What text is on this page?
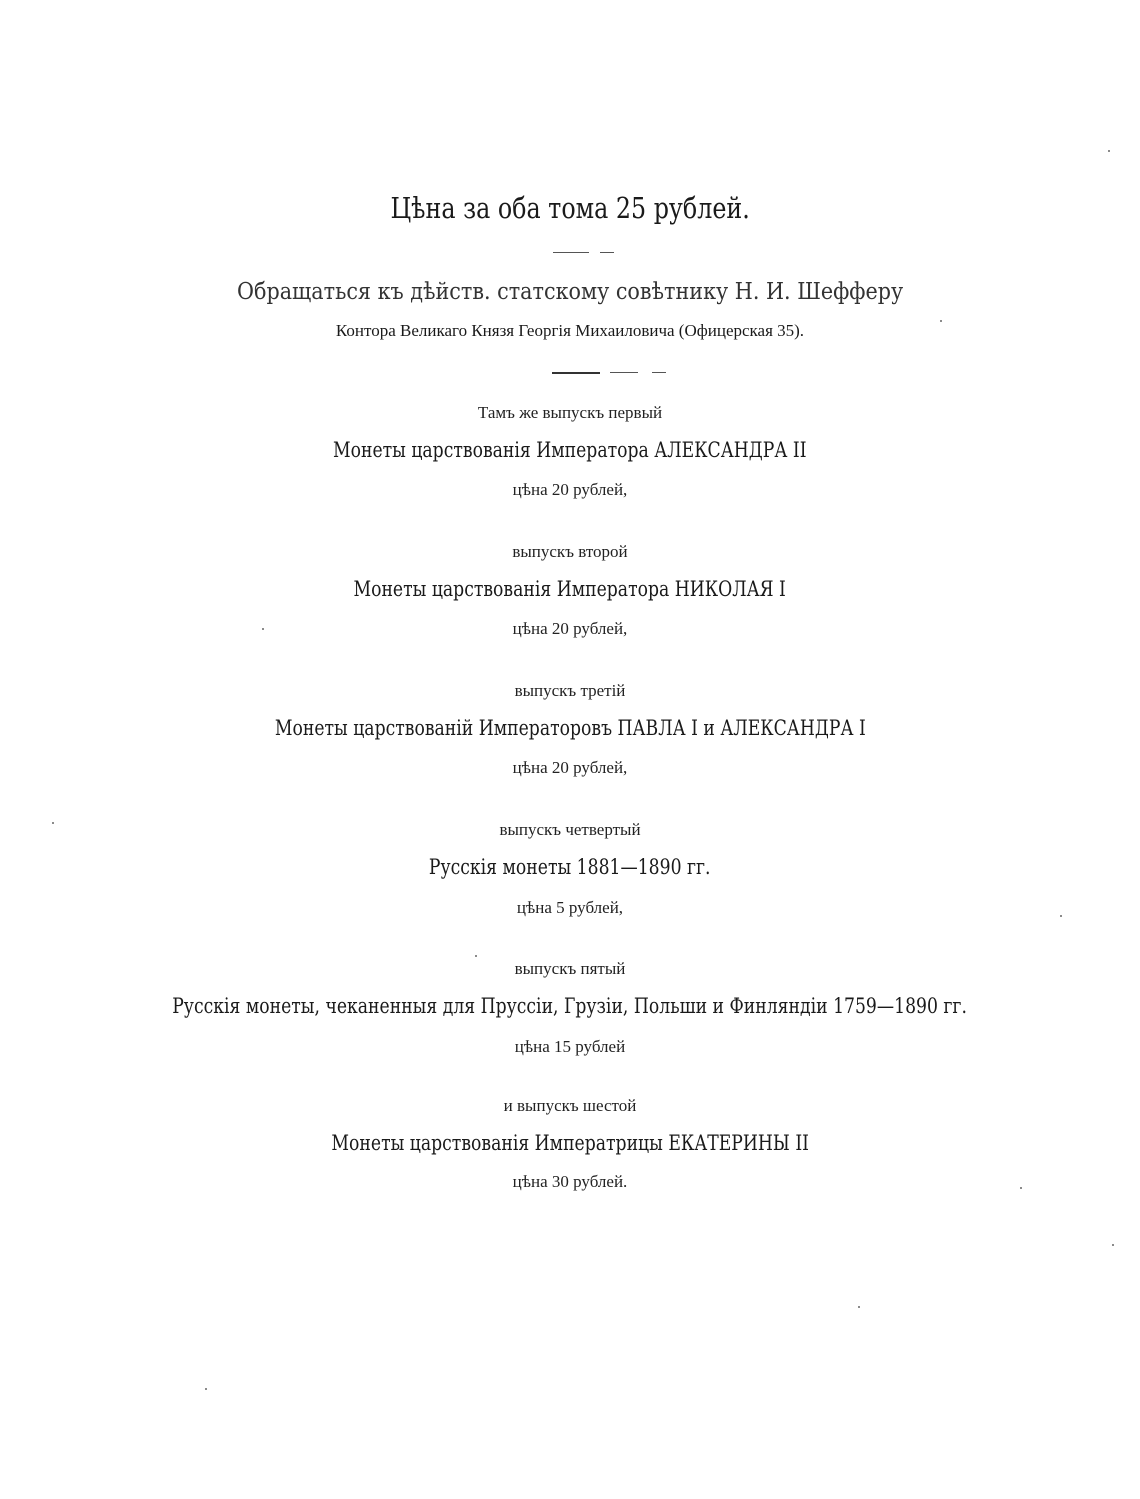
Цѣна за оба тома 25 рублей.
Обращаться къ дѣйств. статскому совѣтнику Н. И. Шефферу
Контора Великаго Князя Георгія Михаиловича (Офицерская 35).
Тамъ же выпускъ первый
Монеты царствованія Императора АЛЕКСАНДРА II
цѣна 20 рублей,
выпускъ второй
Монеты царствованія Императора НИКОЛАЯ I
цѣна 20 рублей,
выпускъ третій
Монеты царствованій Императоровъ ПАВЛА I и АЛЕКСАНДРА I
цѣна 20 рублей,
выпускъ четвертый
Русскія монеты 1881—1890 гг.
цѣна 5 рублей,
выпускъ пятый
Русскія монеты, чеканенныя для Пруссіи, Грузіи, Польши и Финляндіи 1759—1890 гг.
цѣна 15 рублей
и выпускъ шестой
Монеты царствованія Императрицы ЕКАТЕРИНЫ II
цѣна 30 рублей.
